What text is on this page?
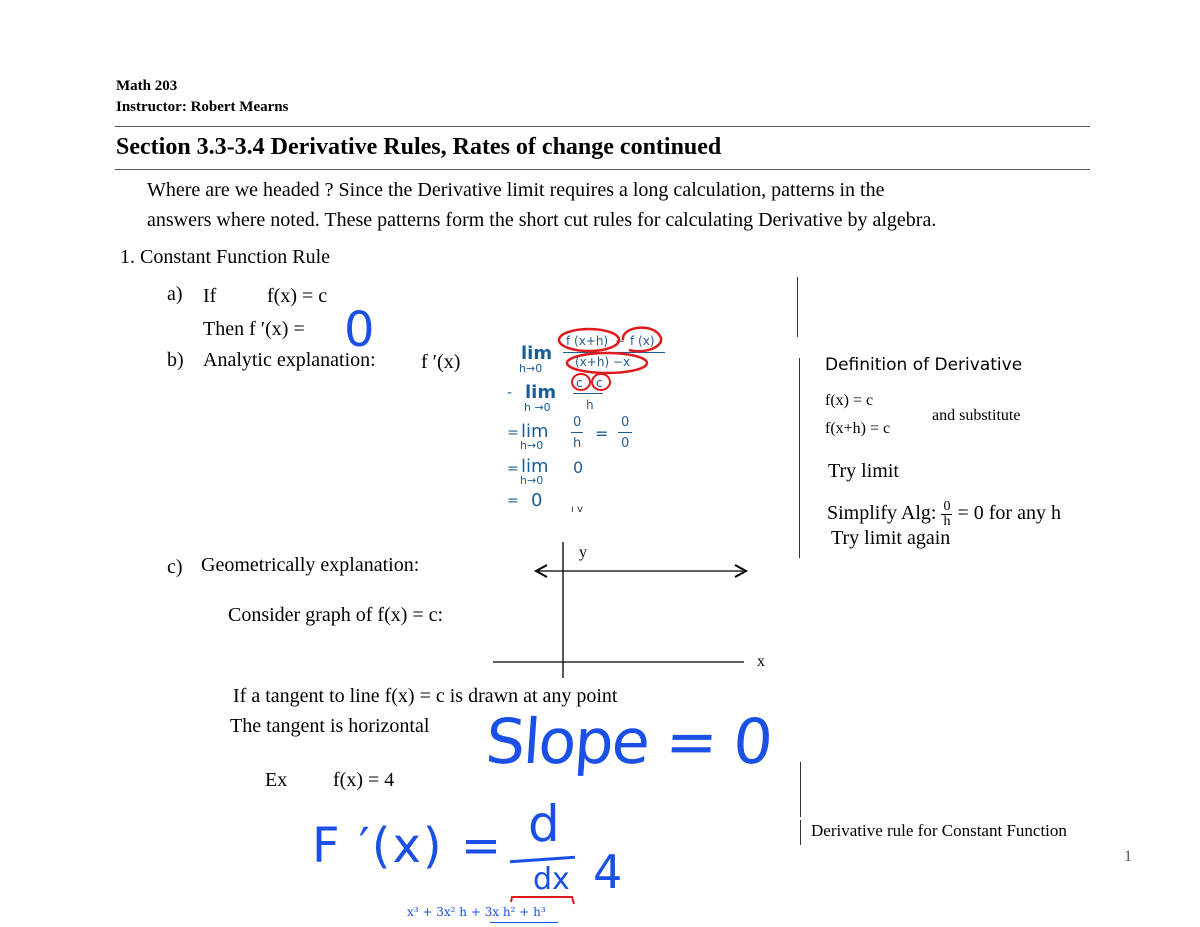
Math 203
Instructor: Robert Mearns
Section 3.3-3.4 Derivative Rules, Rates of change continued
Where are we headed ? Since the Derivative limit requires a long calculation, patterns in the
answers where noted. These patterns form the short cut rules for calculating Derivative by algebra.
1. Constant Function Rule
a) If	f(x) = c
Then f ′(x) = 0
b) Analytic explanation: f ′(x)	lim
h→0
f (x+h) − f (x)
(x+h) −x
- lim
h →0
c c
h
= lim
h→0
0
h
=
0
0
= lim
h→0
0
= 0	ı v
c) Geometrically explanation:
Consider graph of f(x) = c:
y
x
If a tangent to line f(x) = c is drawn at any point
The tangent is horizontal Slope = 0
Ex f(x) = 4
F ′(x) = d
dx 4
x³ + 3x² h + 3x h² + h³
Definition of Derivative
f(x) = c
f(x+h) = c
and substitute
Try limit
Simplify Alg: $\frac{0}{h} = 0$ for any h
Try limit again
Derivative rule for Constant Function
1
